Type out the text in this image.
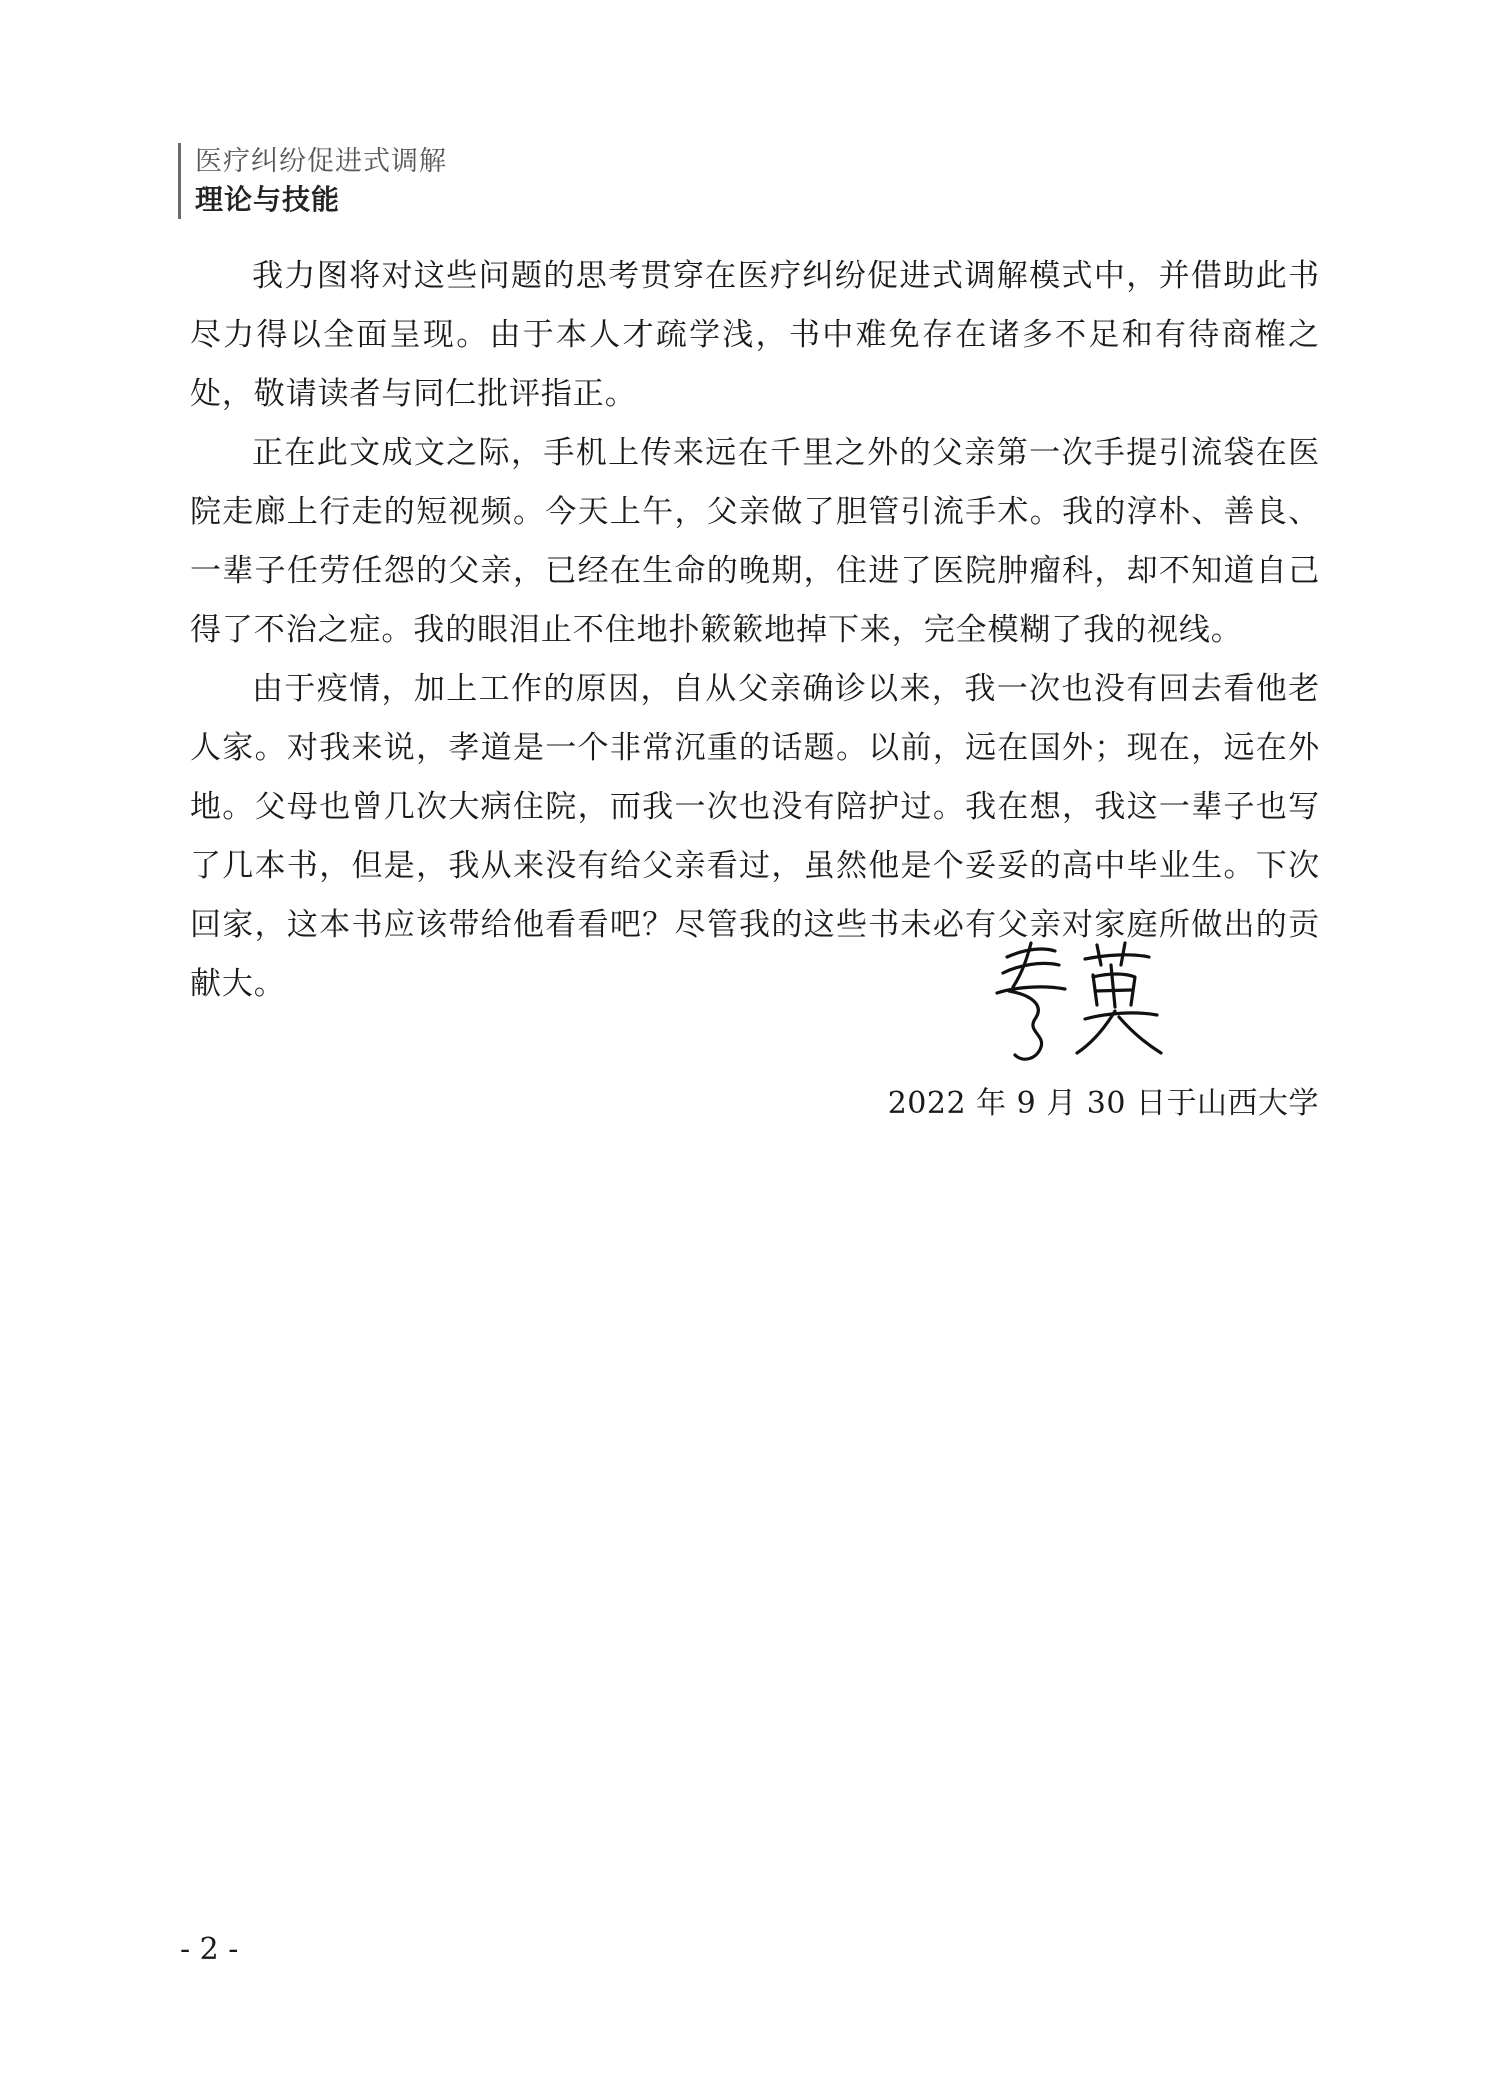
医疗纠纷促进式调解
理论与技能

我力图将对这些问题的思考贯穿在医疗纠纷促进式调解模式中，并借助此书尽力得以全面呈现。由于本人才疏学浅，书中难免存在诸多不足和有待商榷之处，敬请读者与同仁批评指正。

正在此文成文之际，手机上传来远在千里之外的父亲第一次手提引流袋在医院走廊上行走的短视频。今天上午，父亲做了胆管引流手术。我的淳朴、善良、一辈子任劳任怨的父亲，已经在生命的晚期，住进了医院肿瘤科，却不知道自己得了不治之症。我的眼泪止不住地扑簌簌地掉下来，完全模糊了我的视线。

由于疫情，加上工作的原因，自从父亲确诊以来，我一次也没有回去看他老人家。对我来说，孝道是一个非常沉重的话题。以前，远在国外；现在，远在外地。父母也曾几次大病住院，而我一次也没有陪护过。我在想，我这一辈子也写了几本书，但是，我从来没有给父亲看过，虽然他是个妥妥的高中毕业生。下次回家，这本书应该带给他看看吧？尽管我的这些书未必有父亲对家庭所做出的贡献大。

2022 年 9 月 30 日于山西大学
- 2 -
